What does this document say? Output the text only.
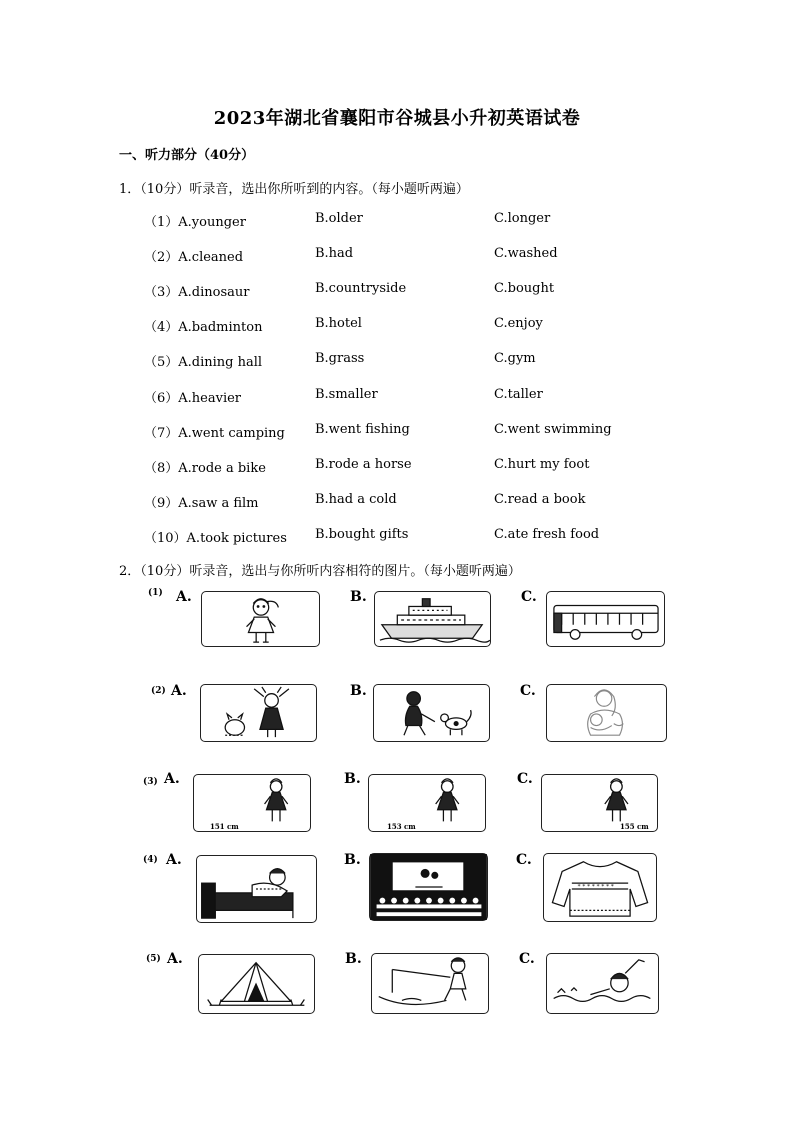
2023年湖北省襄阳市谷城县小升初英语试卷
一、听力部分（40分）
1．（10分）听录音，选出你所听到的内容。（每小题听两遍）
（1）A.younger	B.older	C.longer
（2）A.cleaned	B.had	C.washed
（3）A.dinosaur	B.countryside	C.bought
（4）A.badminton	B.hotel	C.enjoy
（5）A.dining hall	B.grass	C.gym
（6）A.heavier	B.smaller	C.taller
（7）A.went camping B.went fishing	C.went swimming
（8）A.rode a bike	B.rode a horse	C.hurt my foot
（9）A.saw a film	B.had a cold	C.read a book
（10）A.took pictures B.bought gifts	C.ate fresh food
2．（10分）听录音，选出与你所听内容相符的图片。（每小题听两遍）
(1) A.	B.	C.
(2) A.	B.	C.
(3) A.	B.	C.
151 cm	153 cm	155 cm
(4) A.	B.	C.
* * * * * * * *
(5) A.	B.	C.
